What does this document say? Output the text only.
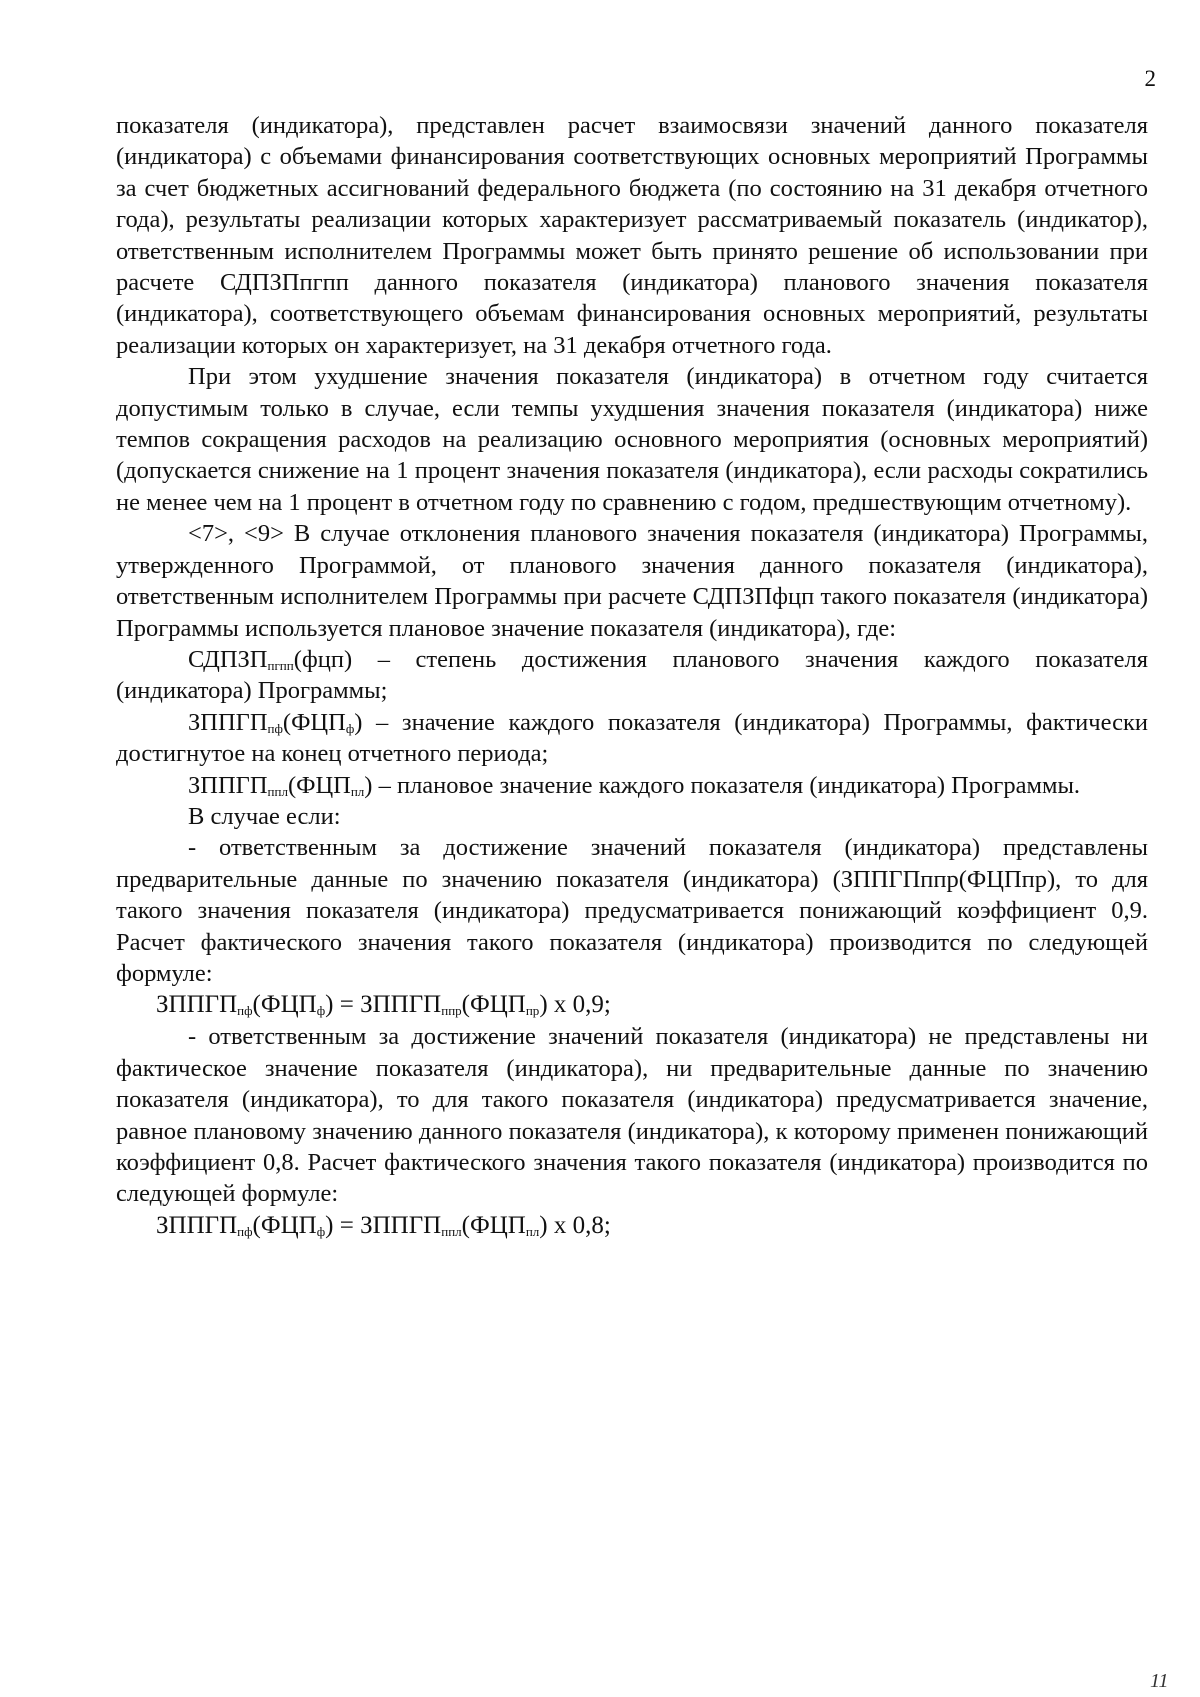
2

показателя (индикатора), представлен расчет взаимосвязи значений данного показателя (индикатора) с объемами финансирования соответствующих основных мероприятий Программы за счет бюджетных ассигнований федерального бюджета (по состоянию на 31 декабря отчетного года), результаты реализации которых характеризует рассматриваемый показатель (индикатор), ответственным исполнителем Программы может быть принято решение об использовании при расчете СДПЗПпгпп данного показателя (индикатора) планового значения показателя (индикатора), соответствующего объемам финансирования основных мероприятий, результаты реализации которых он характеризует, на 31 декабря отчетного года.

При этом ухудшение значения показателя (индикатора) в отчетном году считается допустимым только в случае, если темпы ухудшения значения показателя (индикатора) ниже темпов сокращения расходов на реализацию основного мероприятия (основных мероприятий) (допускается снижение на 1 процент значения показателя (индикатора), если расходы сократились не менее чем на 1 процент в отчетном году по сравнению с годом, предшествующим отчетному).

<7>, <9> В случае отклонения планового значения показателя (индикатора) Программы, утвержденного Программой, от планового значения данного показателя (индикатора), ответственным исполнителем Программы при расчете СДПЗПфцп такого показателя (индикатора) Программы используется плановое значение показателя (индикатора), где:

$СДПЗП_{пгпп}(фцп)$ – степень достижения планового значения каждого показателя (индикатора) Программы;

$ЗППГП_{пф}(ФЦП_ф)$ – значение каждого показателя (индикатора) Программы, фактически достигнутое на конец отчетного периода;

$ЗППГП_{ппл}(ФЦП_{пл})$ – плановое значение каждого показателя (индикатора) Программы.

В случае если:

- ответственным за достижение значений показателя (индикатора) представлены предварительные данные по значению показателя (индикатора) (ЗППГПппр(ФЦПпр), то для такого значения показателя (индикатора) предусматривается понижающий коэффициент 0,9. Расчет фактического значения такого показателя (индикатора) производится по следующей формуле:

$ЗППГП_{пф}(ФЦП_ф)$ = $ЗППГП_{ппр}(ФЦП_{пр})$ x 0,9;

- ответственным за достижение значений показателя (индикатора) не представлены ни фактическое значение показателя (индикатора), ни предварительные данные по значению показателя (индикатора), то для такого показателя (индикатора) предусматривается значение, равное плановому значению данного показателя (индикатора), к которому применен понижающий коэффициент 0,8. Расчет фактического значения такого показателя (индикатора) производится по следующей формуле:

$ЗППГП_{пф}(ФЦП_ф)$ = $ЗППГП_{ппл}(ФЦП_{пл})$ x 0,8;

11
